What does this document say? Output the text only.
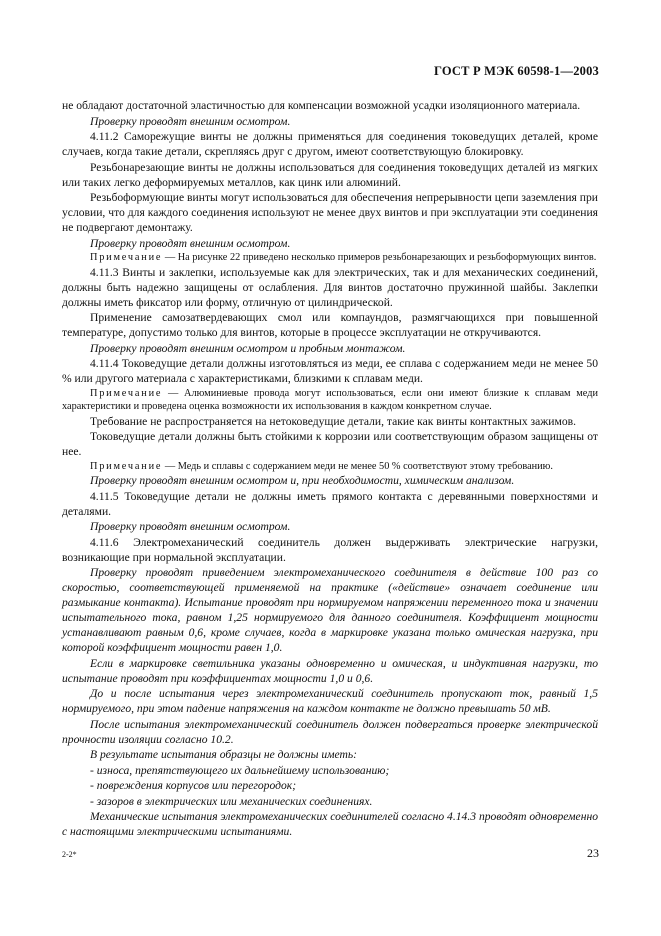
ГОСТ Р МЭК 60598-1—2003

не обладают достаточной эластичностью для компенсации возможной усадки изоляционного материала.

Проверку проводят внешним осмотром.

4.11.2 Саморежущие винты не должны применяться для соединения токоведущих деталей, кроме случаев, когда такие детали, скрепляясь друг с другом, имеют соответствующую блокировку.

Резьбонарезающие винты не должны использоваться для соединения токоведущих деталей из мягких или таких легко деформируемых металлов, как цинк или алюминий.

Резьбоформующие винты могут использоваться для обеспечения непрерывности цепи заземления при условии, что для каждого соединения используют не менее двух винтов и при эксплуатации эти соединения не подвергают демонтажу.

Проверку проводят внешним осмотром.

Примечание — На рисунке 22 приведено несколько примеров резьбонарезающих и резьбоформующих винтов.

4.11.3 Винты и заклепки, используемые как для электрических, так и для механических соединений, должны быть надежно защищены от ослабления. Для винтов достаточно пружинной шайбы. Заклепки должны иметь фиксатор или форму, отличную от цилиндрической.

Применение самозатвердевающих смол или компаундов, размягчающихся при повышенной температуре, допустимо только для винтов, которые в процессе эксплуатации не откручиваются.

Проверку проводят внешним осмотром и пробным монтажом.

4.11.4 Токоведущие детали должны изготовляться из меди, ее сплава с содержанием меди не менее 50 % или другого материала с характеристиками, близкими к сплавам меди.

Примечание — Алюминиевые провода могут использоваться, если они имеют близкие к сплавам меди характеристики и проведена оценка возможности их использования в каждом конкретном случае.

Требование не распространяется на нетоковедущие детали, такие как винты контактных зажимов.

Токоведущие детали должны быть стойкими к коррозии или соответствующим образом защищены от нее.

Примечание — Медь и сплавы с содержанием меди не менее 50 % соответствуют этому требованию.

Проверку проводят внешним осмотром и, при необходимости, химическим анализом.

4.11.5 Токоведущие детали не должны иметь прямого контакта с деревянными поверхностями и деталями.

Проверку проводят внешним осмотром.

4.11.6 Электромеханический соединитель должен выдерживать электрические нагрузки, возникающие при нормальной эксплуатации.

Проверку проводят приведением электромеханического соединителя в действие 100 раз со скоростью, соответствующей применяемой на практике («действие» означает соединение или размыкание контакта). Испытание проводят при нормируемом напряжении переменного тока и значении испытательного тока, равном 1,25 нормируемого для данного соединителя. Коэффициент мощности устанавливают равным 0,6, кроме случаев, когда в маркировке указана только омическая нагрузка, при которой коэффициент мощности равен 1,0.

Если в маркировке светильника указаны одновременно и омическая, и индуктивная нагрузки, то испытание проводят при коэффициентах мощности 1,0 и 0,6.

До и после испытания через электромеханический соединитель пропускают ток, равный 1,5 нормируемого, при этом падение напряжения на каждом контакте не должно превышать 50 мВ.

После испытания электромеханический соединитель должен подвергаться проверке электрической прочности изоляции согласно 10.2.

В результате испытания образцы не должны иметь:

- износа, препятствующего их дальнейшему использованию;

- повреждения корпусов или перегородок;

- зазоров в электрических или механических соединениях.

Механические испытания электромеханических соединителей согласно 4.14.3 проводят одновременно с настоящими электрическими испытаниями.

2-2*	23
